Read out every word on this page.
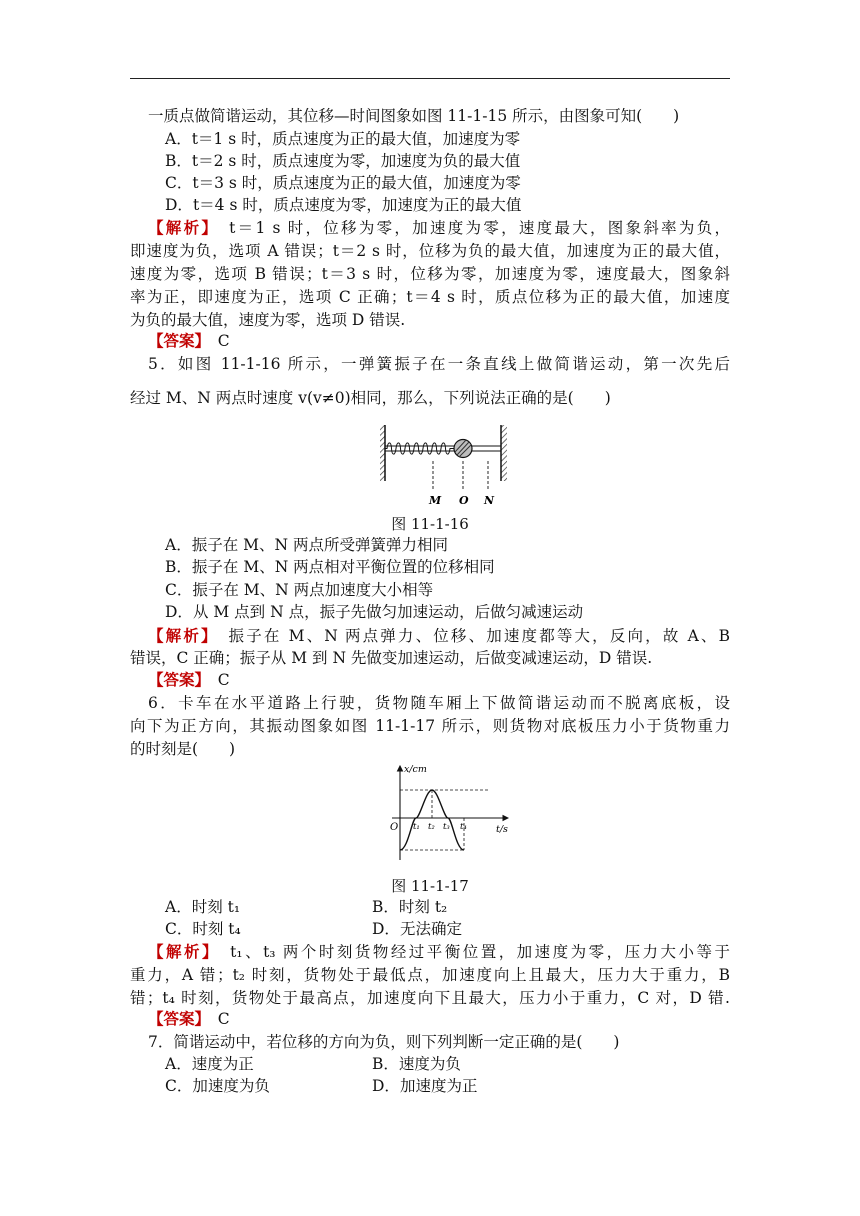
一质点做简谐运动，其位移—时间图象如图 11-1-15 所示，由图象可知(　　)
A．t＝1 s 时，质点速度为正的最大值，加速度为零
B．t＝2 s 时，质点速度为零，加速度为负的最大值
C．t＝3 s 时，质点速度为正的最大值，加速度为零
D．t＝4 s 时，质点速度为零，加速度为正的最大值
【解析】　t＝1 s 时，位移为零，加速度为零，速度最大，图象斜率为负，
即速度为负，选项 A 错误；t＝2 s 时，位移为负的最大值，加速度为正的最大值，
速度为零，选项 B 错误；t＝3 s 时，位移为零，加速度为零，速度最大，图象斜
率为正，即速度为正，选项 C 正确；t＝4 s 时，质点位移为正的最大值，加速度
为负的最大值，速度为零，选项 D 错误.
【答案】　C
5．如图 11-1-16 所示，一弹簧振子在一条直线上做简谐运动，第一次先后
经过 M、N 两点时速度 v(v≠0)相同，那么，下列说法正确的是(　　)
M O N
图 11-1-16
A．振子在 M、N 两点所受弹簧弹力相同
B．振子在 M、N 两点相对平衡位置的位移相同
C．振子在 M、N 两点加速度大小相等
D．从 M 点到 N 点，振子先做匀加速运动，后做匀减速运动
【解析】　振子在 M、N 两点弹力、位移、加速度都等大，反向，故 A、B
错误，C 正确；振子从 M 到 N 先做变加速运动，后做变减速运动，D 错误.
【答案】　C
6．卡车在水平道路上行驶，货物随车厢上下做简谐运动而不脱离底板，设
向下为正方向，其振动图象如图 11-1-17 所示，则货物对底板压力小于货物重力
的时刻是(　　)
x/cm
t/s
O t₁ t₂ t₃ t₄
图 11-1-17
A．时刻 t₁	B．时刻 t₂
C．时刻 t₄	D．无法确定
【解析】　t₁、t₃ 两个时刻货物经过平衡位置，加速度为零，压力大小等于
重力，A 错；t₂ 时刻，货物处于最低点，加速度向上且最大，压力大于重力，B
错；t₄ 时刻，货物处于最高点，加速度向下且最大，压力小于重力，C 对，D 错.
【答案】　C
7．简谐运动中，若位移的方向为负，则下列判断一定正确的是(　　)
A．速度为正	B．速度为负
C．加速度为负	D．加速度为正
